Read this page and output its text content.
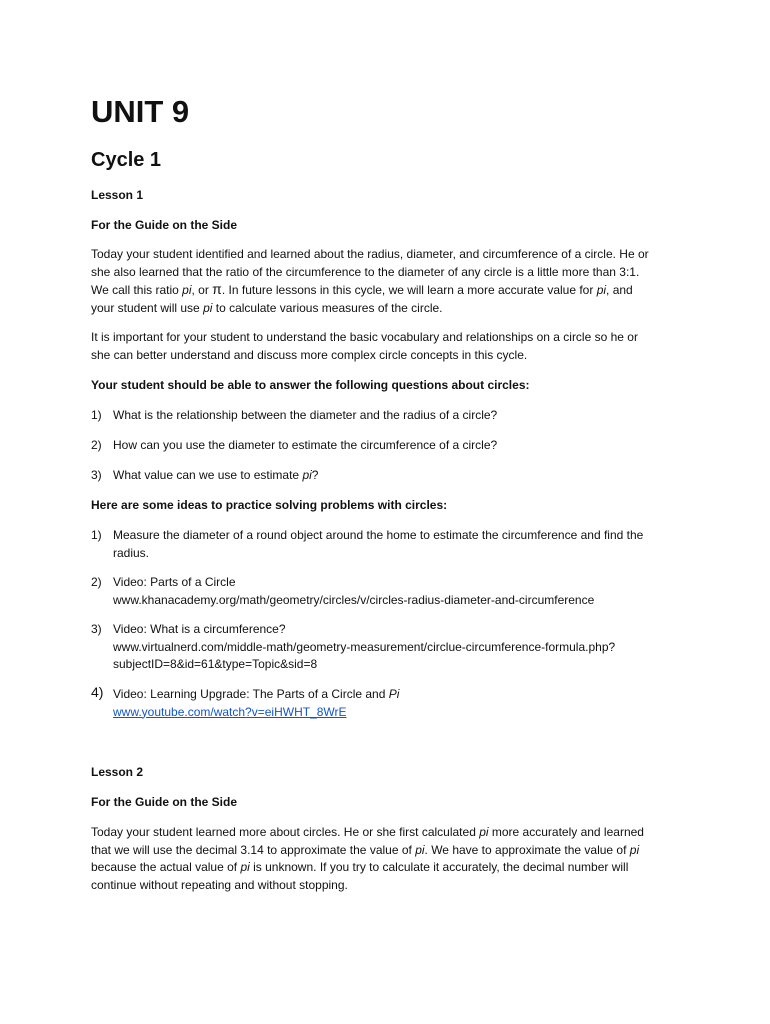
UNIT 9
Cycle 1

Lesson 1

For the Guide on the Side

Today your student identified and learned about the radius, diameter, and circumference of a circle. He or
she also learned that the ratio of the circumference to the diameter of any circle is a little more than 3:1.
We call this ratio pi, or π. In future lessons in this cycle, we will learn a more accurate value for pi, and
your student will use pi to calculate various measures of the circle.

It is important for your student to understand the basic vocabulary and relationships on a circle so he or
she can better understand and discuss more complex circle concepts in this cycle.

Your student should be able to answer the following questions about circles:

1) What is the relationship between the diameter and the radius of a circle?
2) How can you use the diameter to estimate the circumference of a circle?
3) What value can we use to estimate pi?

Here are some ideas to practice solving problems with circles:

1) Measure the diameter of a round object around the home to estimate the circumference and find the
radius.
2) Video: Parts of a Circle
www.khanacademy.org/math/geometry/circles/v/circles-radius-diameter-and-circumference
3) Video: What is a circumference?
www.virtualnerd.com/middle-math/geometry-measurement/circlue-circumference-formula.php?
subjectID=8&id=61&type=Topic&sid=8
4) Video: Learning Upgrade: The Parts of a Circle and Pi
www.youtube.com/watch?v=eiHWHT_8WrE

Lesson 2

For the Guide on the Side

Today your student learned more about circles. He or she first calculated pi more accurately and learned
that we will use the decimal 3.14 to approximate the value of pi. We have to approximate the value of pi
because the actual value of pi is unknown. If you try to calculate it accurately, the decimal number will
continue without repeating and without stopping.
